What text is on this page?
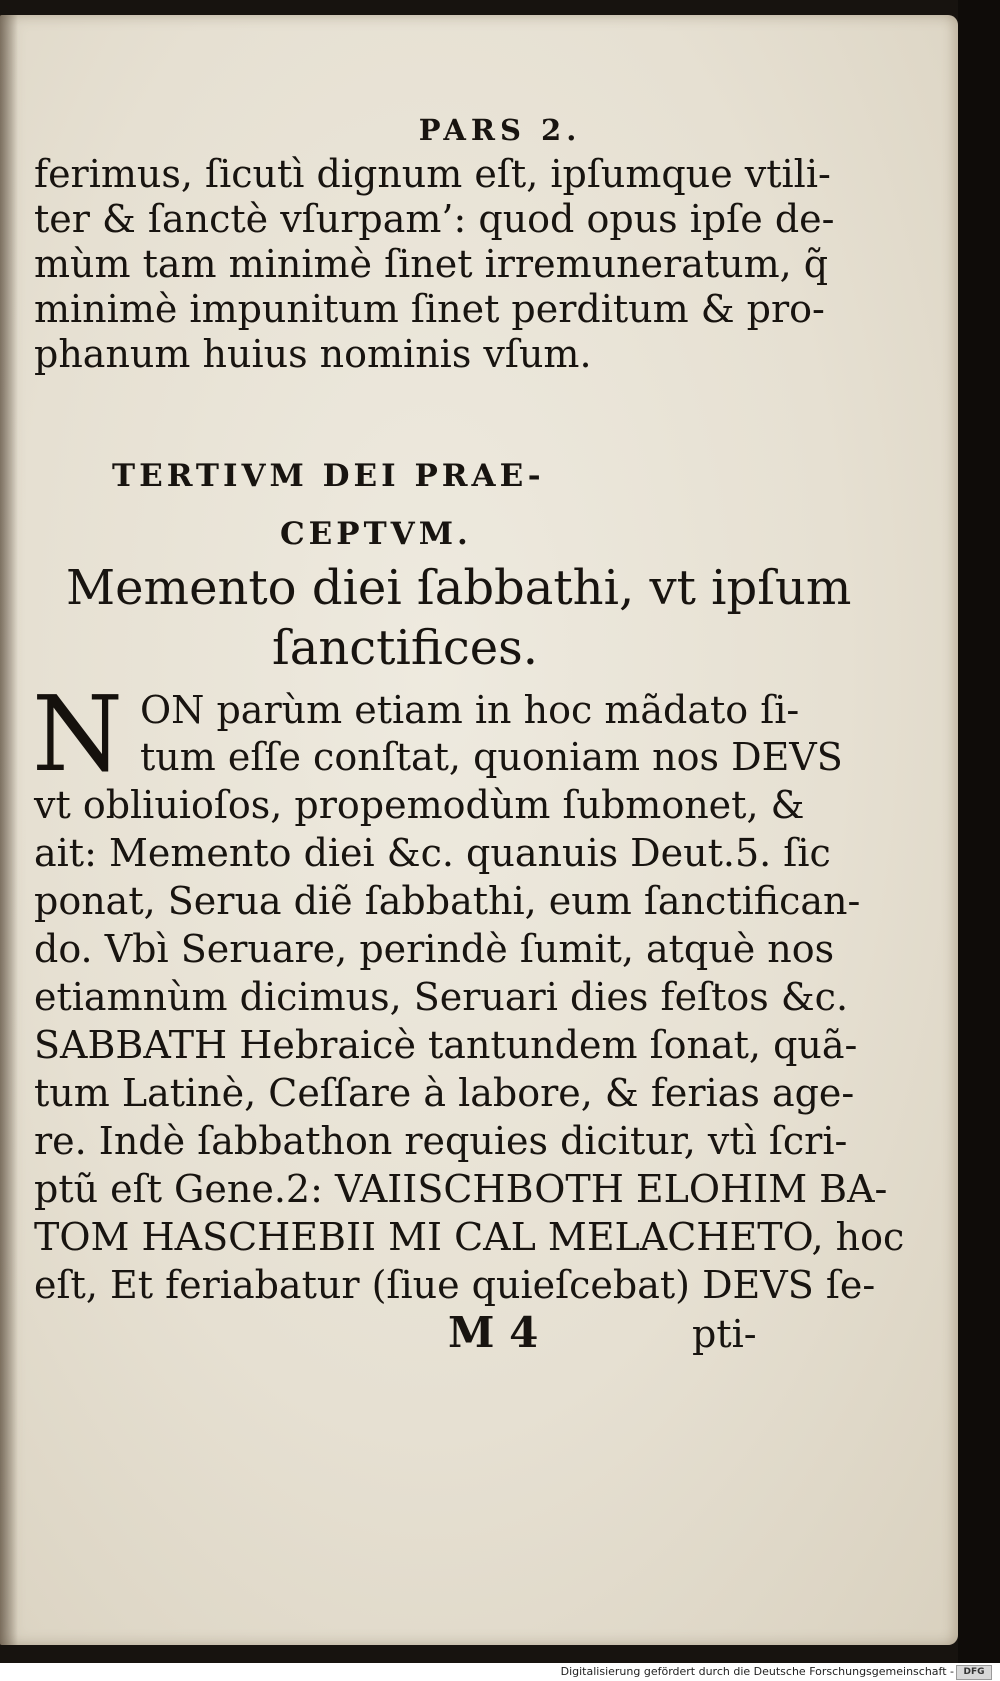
PARS 2.
ferimus, ſicutì dignum eſt, ipſumque vtili-
ter & ſanctè vſurpam’: quod opus ipſe de-
mùm tam minimè ſinet irremuneratum, q̃
minimè impunitum ſinet perditum & pro-
phanum huius nominis vſum.
TERTIVM DEI PRAE-
CEPTVM.
Memento diei ſabbathi, vt ipſum
ſanctifices.
N ON parùm etiam in hoc mãdato ſi-
tum eſſe conſtat, quoniam nos DEVS
vt obliuioſos, propemodùm ſubmonet, &
ait: Memento diei &c. quanuis Deut.5. ſic
ponat, Serua diẽ ſabbathi, eum ſanctifican-
do. Vbì Seruare, perindè ſumit, atquè nos
etiamnùm dicimus, Seruari dies feſtos &c.
SABBATH Hebraicè tantundem ſonat, quã-
tum Latinè, Ceſſare à labore, & ferias age-
re. Indè ſabbathon requies dicitur, vtì ſcri-
ptũ eſt Gene.2: VAIISCHBOTH ELOHIM BA-
TOM HASCHEBII MI CAL MELACHETO, hoc
eſt, Et feriabatur (ſiue quieſcebat) DEVS ſe-
M 4	pti-
Digitalisierung gefördert durch die Deutsche Forschungsgemeinschaft -	DFG
